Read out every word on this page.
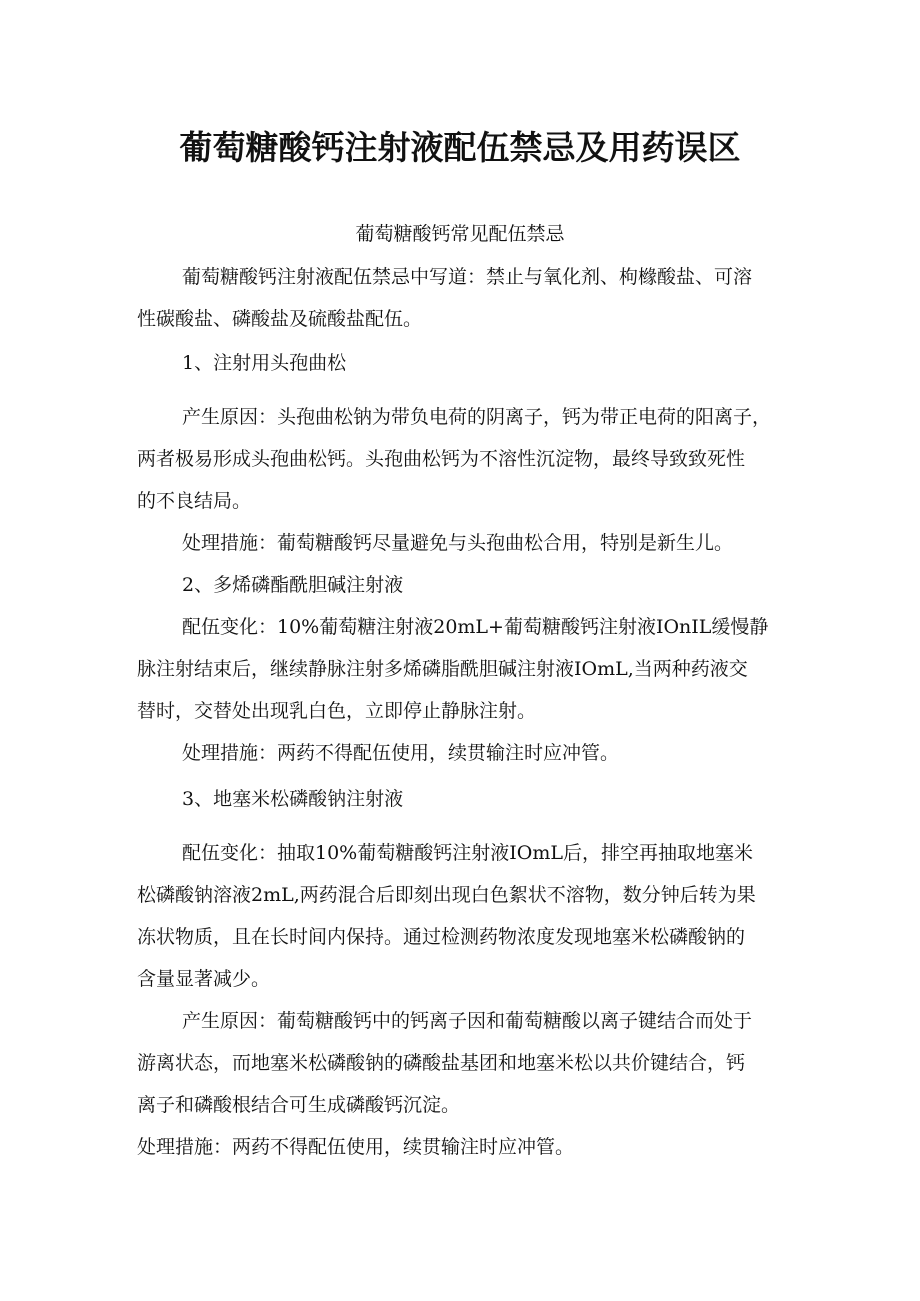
葡萄糖酸钙注射液配伍禁忌及用药误区
葡萄糖酸钙常见配伍禁忌
葡萄糖酸钙注射液配伍禁忌中写道：禁止与氧化剂、枸橼酸盐、可溶
性碳酸盐、磷酸盐及硫酸盐配伍。
1、注射用头孢曲松
产生原因：头孢曲松钠为带负电荷的阴离子，钙为带正电荷的阳离子，
两者极易形成头孢曲松钙。头孢曲松钙为不溶性沉淀物，最终导致致死性
的不良结局。
处理措施：葡萄糖酸钙尽量避免与头孢曲松合用，特别是新生儿。
2、多烯磷酯酰胆碱注射液
配伍变化：10%葡萄糖注射液20mL+葡萄糖酸钙注射液IOnIL缓慢静
脉注射结束后，继续静脉注射多烯磷脂酰胆碱注射液IOmL,当两种药液交
替时，交替处出现乳白色，立即停止静脉注射。
处理措施：两药不得配伍使用，续贯输注时应冲管。
3、地塞米松磷酸钠注射液
配伍变化：抽取10%葡萄糖酸钙注射液IOmL后，排空再抽取地塞米
松磷酸钠溶液2mL,两药混合后即刻出现白色絮状不溶物，数分钟后转为果
冻状物质，且在长时间内保持。通过检测药物浓度发现地塞米松磷酸钠的
含量显著减少。
产生原因：葡萄糖酸钙中的钙离子因和葡萄糖酸以离子键结合而处于
游离状态，而地塞米松磷酸钠的磷酸盐基团和地塞米松以共价键结合，钙
离子和磷酸根结合可生成磷酸钙沉淀。
处理措施：两药不得配伍使用，续贯输注时应冲管。
